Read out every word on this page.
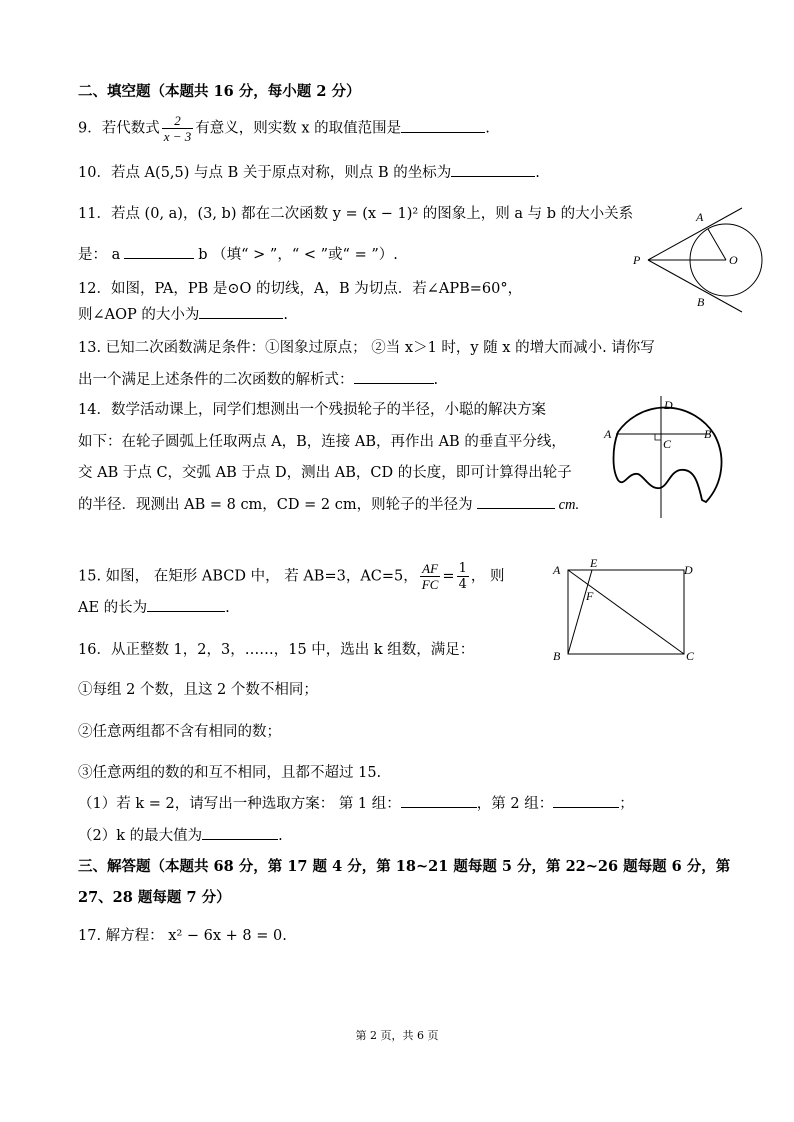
二、填空题（本题共 16 分，每小题 2 分）
9．若代数式 $\frac{2}{x - 3}$ 有意义，则实数 x 的取值范围是	.
10．若点 A(5,5) 与点 B 关于原点对称，则点 B 的坐标为	.
11．若点 (0, a)，(3, b) 都在二次函数 y = (x − 1)² 的图象上，则 a 与 b 的大小关系
是： a	b （填“ > ”，“ < ”或“ = ”）.
A
B
P	O
12．如图，PA，PB 是⊙O 的切线，A，B 为切点．若∠APB=60°，
则∠AOP 的大小为	.
13. 已知二次函数满足条件：①图象过原点； ②当 x＞1 时，y 随 x 的增大而减小. 请你写
出一个满足上述条件的二次函数的解析式：	.
14．数学活动课上，同学们想测出一个残损轮子的半径，小聪的解决方案
如下：在轮子圆弧上任取两点 A，B，连接 AB，再作出 AB 的垂直平分线，
交 AB 于点 C，交弧 AB 于点 D，测出 AB，CD 的长度，即可计算得出轮子
的半径．现测出 AB = 8 cm，CD = 2 cm，则轮子的半径为	cm.
A	B
C
D
15. 如图， 在矩形 ABCD 中， 若 AB=3，AC=5， $\frac{AF}{FC} = \frac{1}{4}$ ， 则
AE 的长为	.
A
B	C
D
E
F
16．从正整数 1，2，3，……，15 中，选出 k 组数，满足：
①每组 2 个数，且这 2 个数不相同；
②任意两组都不含有相同的数；
③任意两组的数的和互不相同，且都不超过 15.
（1）若 k = 2，请写出一种选取方案： 第 1 组：	，第 2 组：	；
（2）k 的最大值为	.
三、解答题（本题共 68 分，第 17 题 4 分，第 18~21 题每题 5 分，第 22~26 题每题 6 分，第
27、28 题每题 7 分）
17. 解方程： x² − 6x + 8 = 0.
第 2 页，共 6 页
